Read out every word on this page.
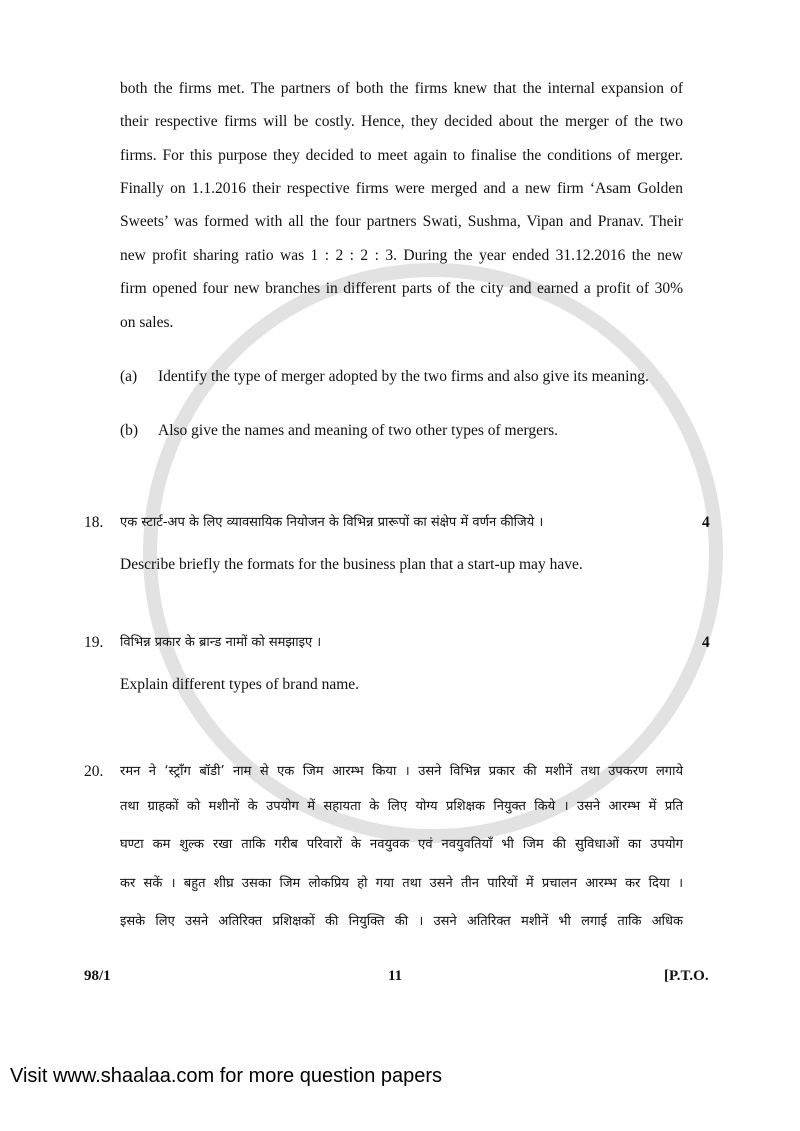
both the firms met. The partners of both the firms knew that the internal expansion of
their respective firms will be costly. Hence, they decided about the merger of the two
firms. For this purpose they decided to meet again to finalise the conditions of merger.
Finally on 1.1.2016 their respective firms were merged and a new firm ‘Asam Golden
Sweets’ was formed with all the four partners Swati, Sushma, Vipan and Pranav. Their
new profit sharing ratio was 1 : 2 : 2 : 3. During the year ended 31.12.2016 the new
firm opened four new branches in different parts of the city and earned a profit of 30%
on sales.
(a)	Identify the type of merger adopted by the two firms and also give its meaning.
(b)	Also give the names and meaning of two other types of mergers.
18.	एक स्टार्ट-अप के लिए व्यावसायिक नियोजन के विभिन्न प्रारूपों का संक्षेप में वर्णन कीजिये ।	4
Describe briefly the formats for the business plan that a start-up may have.
19.	विभिन्न प्रकार के ब्रान्ड नामों को समझाइए ।	4
Explain different types of brand name.
20.	रमन ने ‘स्ट्राँग बॉडी’ नाम से एक जिम आरम्भ किया । उसने विभिन्न प्रकार की मशीनें तथा उपकरण लगाये
तथा ग्राहकों को मशीनों के उपयोग में सहायता के लिए योग्य प्रशिक्षक नियुक्त किये । उसने आरम्भ में प्रति
घण्टा कम शुल्क रखा ताकि गरीब परिवारों के नवयुवक एवं नवयुवतियाँ भी जिम की सुविधाओं का उपयोग
कर सकें । बहुत शीघ्र उसका जिम लोकप्रिय हो गया तथा उसने तीन पारियों में प्रचालन आरम्भ कर दिया ।
इसके लिए उसने अतिरिक्त प्रशिक्षकों की नियुक्ति की । उसने अतिरिक्त मशीनें भी लगाई ताकि अधिक
98/1	11	[P.T.O.
Visit www.shaalaa.com for more question papers
